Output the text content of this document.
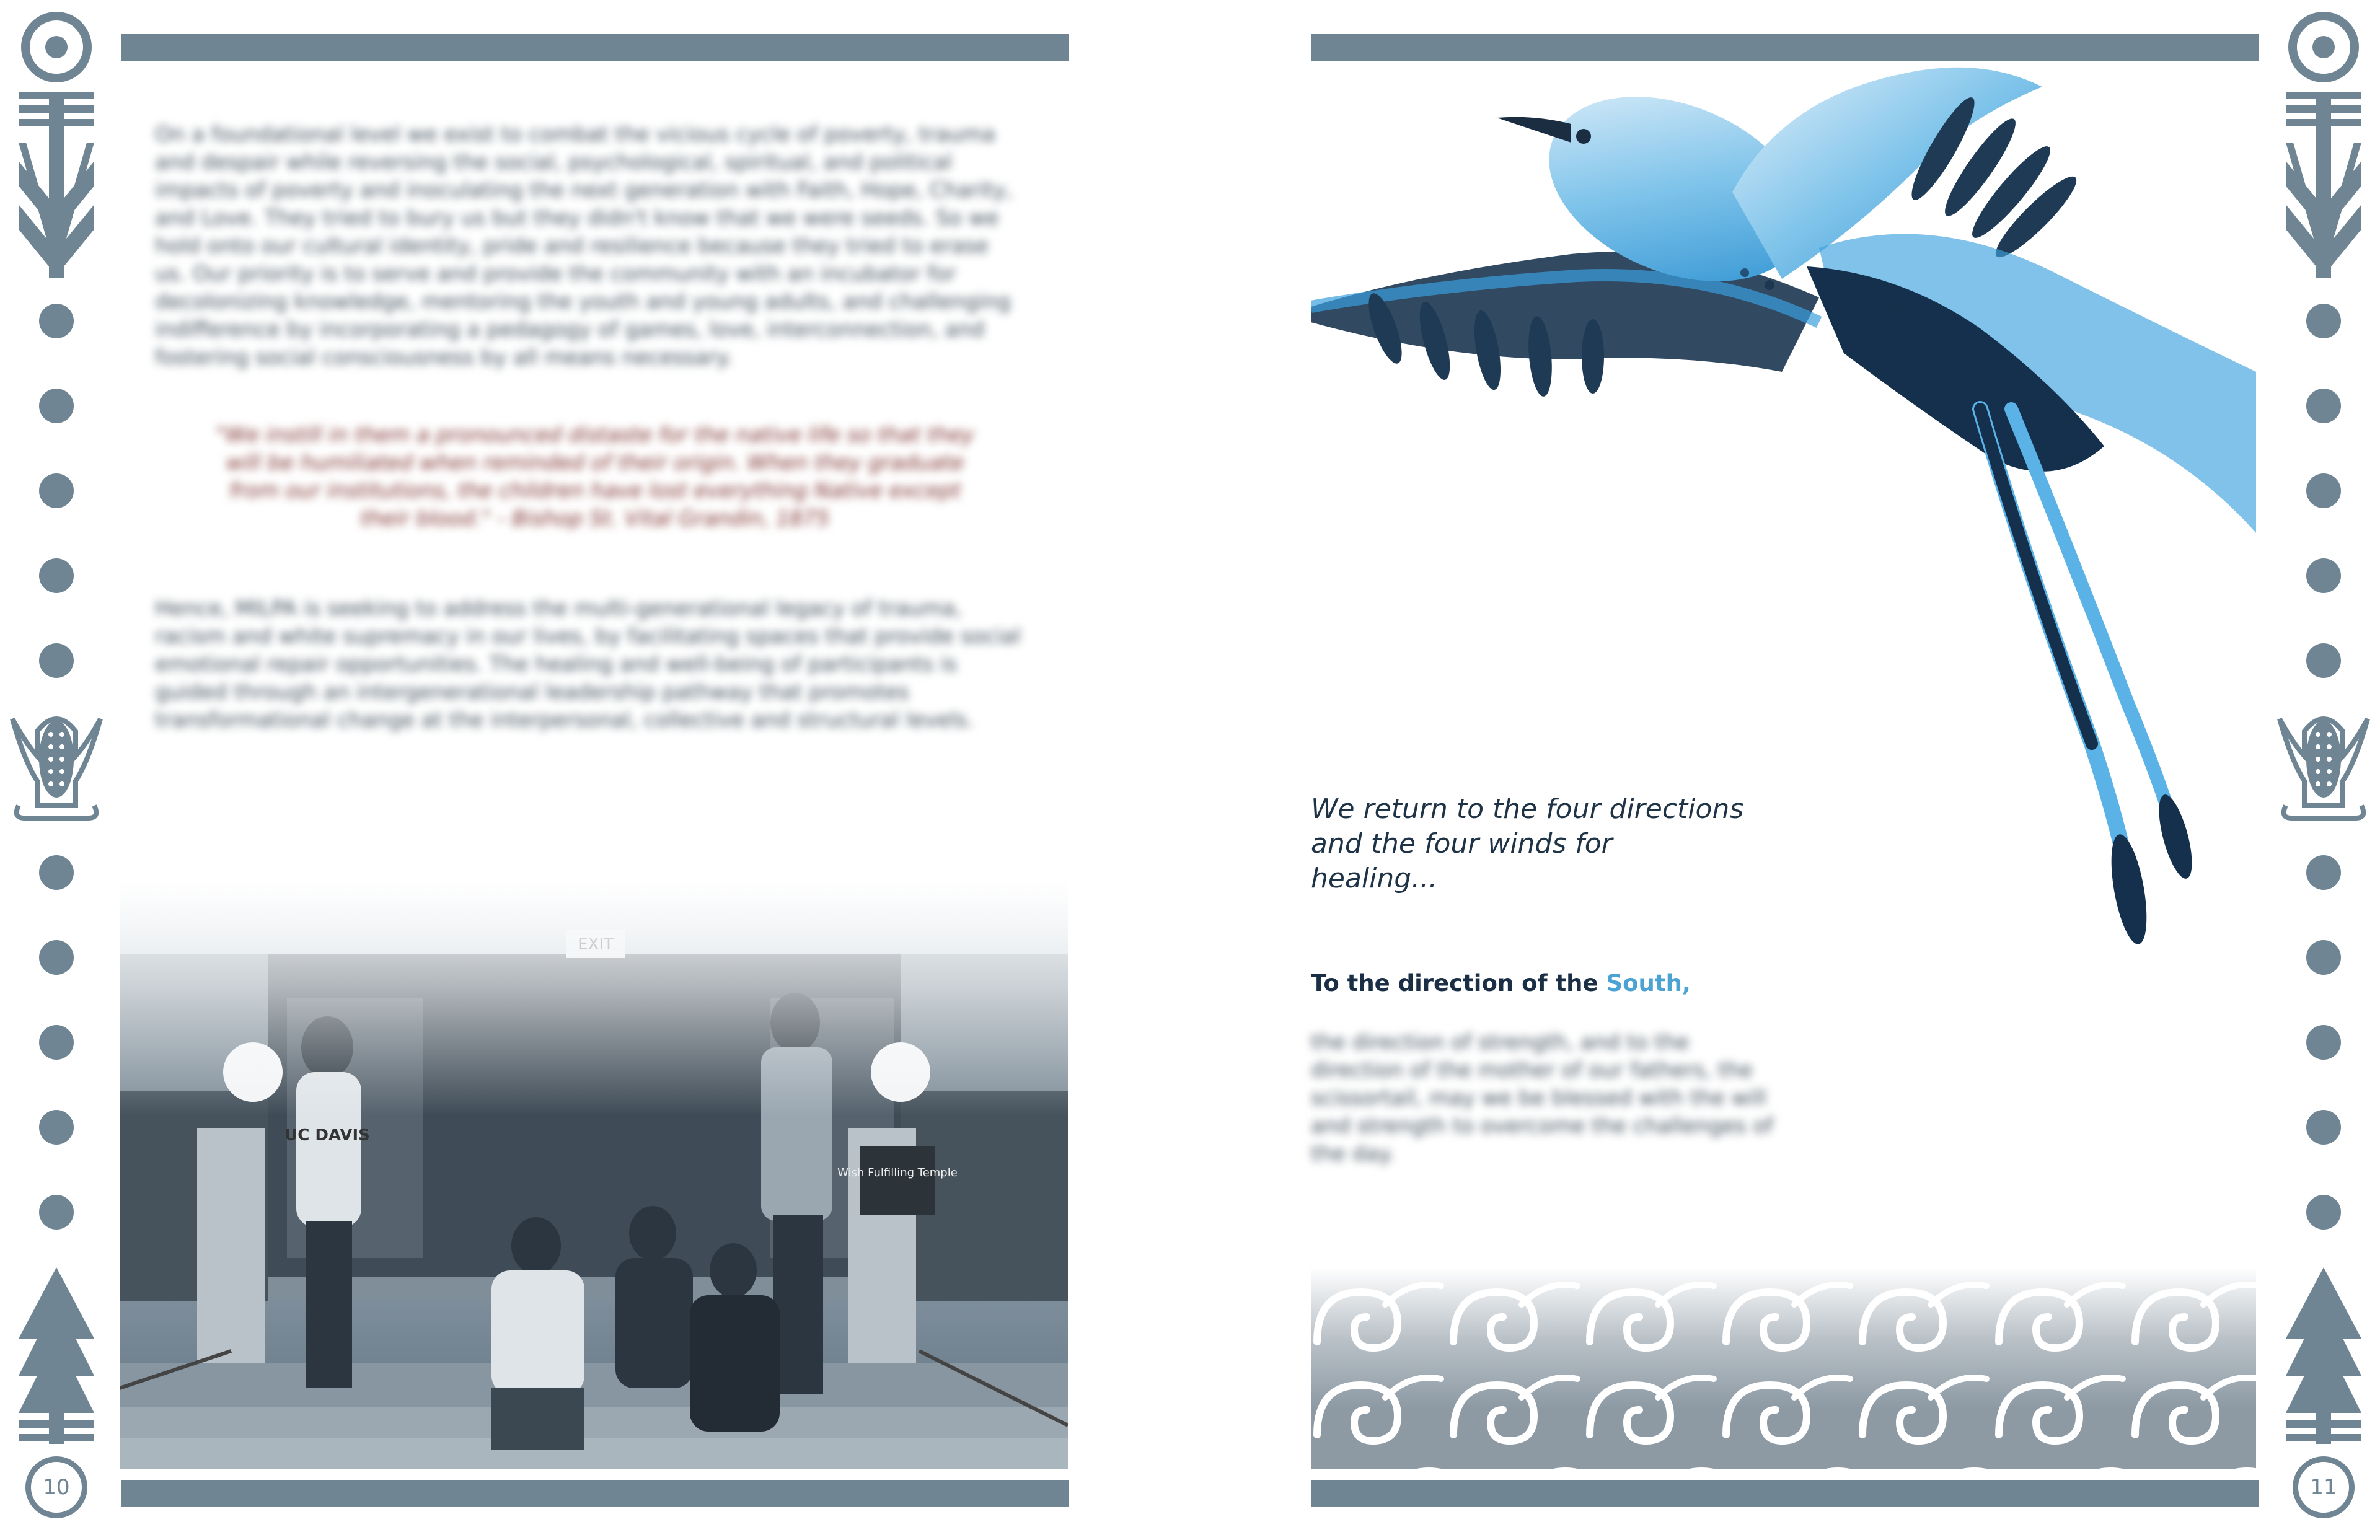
10	11
On a foundational level we exist to combat the vicious cycle of poverty, trauma and despair while reversing the social, psychological, spiritual, and political impacts of poverty and inoculating the next generation with Faith, Hope, Charity, and Love. They tried to bury us but they didn't know that we were seeds. So we hold onto our cultural identity, pride and resilience because they tried to erase us. Our priority is to serve and provide the community with an incubator for decolonizing knowledge, mentoring the youth and young adults, and challenging indifference by incorporating a pedagogy of games, love, interconnection, and fostering social consciousness by all means necessary.
"We instill in them a pronounced distaste for the native life so that they will be humiliated when reminded of their origin. When they graduate from our institutions, the children have lost everything Native except their blood." - Bishop St. Vital Grandin, 1875
Hence, MILPA is seeking to address the multi-generational legacy of trauma, racism and white supremacy in our lives, by facilitating spaces that provide social emotional repair opportunities. The healing and well-being of participants is guided through an intergenerational leadership pathway that promotes transformational change at the interpersonal, collective and structural levels.
We return to the four directions and the four winds for healing...
To the direction of the South,
the direction of strength, and to the direction of the mother of our fathers, the scissortail, may we be blessed with the will and strength to overcome the challenges of the day.
